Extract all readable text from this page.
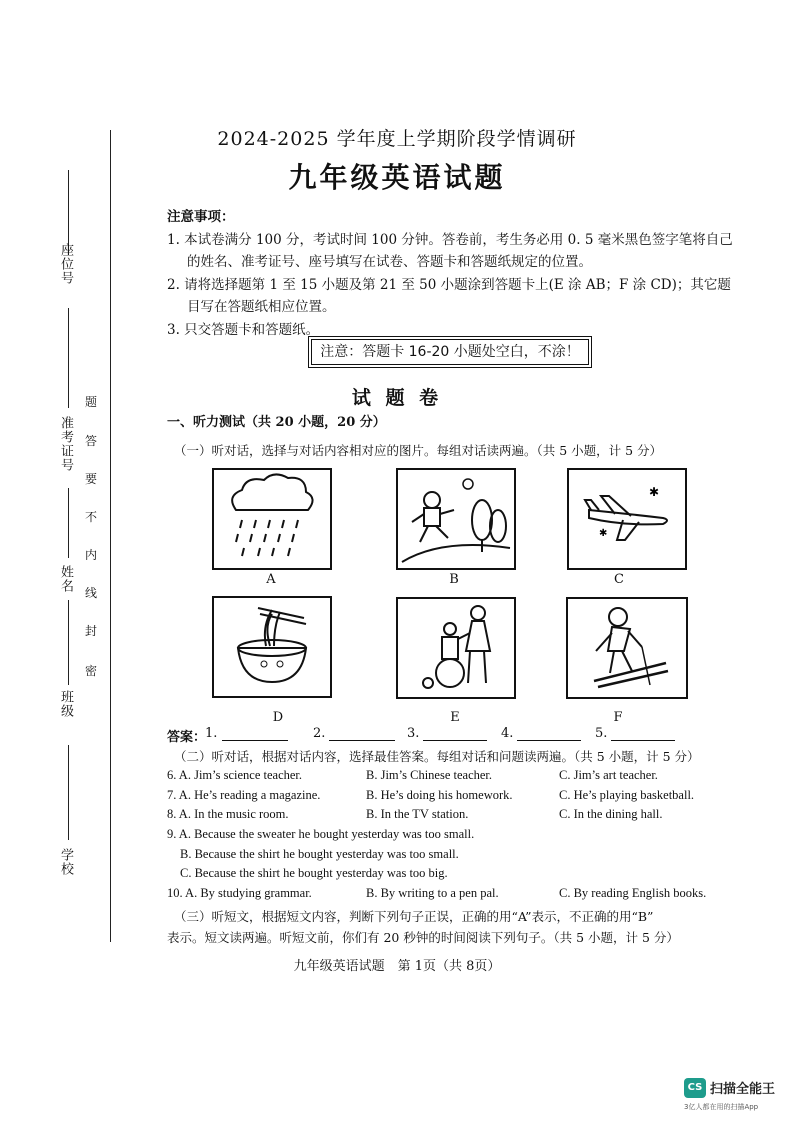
座位号
准考证号
姓名
班级
学校
密
封
线
内
不
要
答
题
2024-2025 学年度上学期阶段学情调研
九年级英语试题
注意事项：
1. 本试卷满分 100 分，考试时间 100 分钟。答卷前，考生务必用 0. 5 毫米黑色签字笔将自己的姓名、准考证号、座号填写在试卷、答题卡和答题纸规定的位置。
2. 请将选择题第 1 至 15 小题及第 21 至 50 小题涂到答题卡上(E 涂 AB；F 涂 CD)；其它题目写在答题纸相应位置。
3. 只交答题卡和答题纸。
注意：答题卡 16-20 小题处空白，不涂！
试 题 卷
一、听力测试（共 20 小题，20 分）
（一）听对话，选择与对话内容相对应的图片。每组对话读两遍。（共 5 小题，计 5 分）
A	B
✱
✱
C
D	E	F
答案：
1.	2.	3.	4.	5.
（二）听对话，根据对话内容，选择最佳答案。每组对话和问题读两遍。（共 5 小题，计 5 分）
6. A. Jim’s science teacher.	B. Jim’s Chinese teacher.	C. Jim’s art teacher.
7. A. He’s reading a magazine.	B. He’s doing his homework.	C. He’s playing basketball.
8. A. In the music room.	B. In the TV station.	C. In the dining hall.
9. A. Because the sweater he bought yesterday was too small.
B. Because the shirt he bought yesterday was too small.
C. Because the shirt he bought yesterday was too big.
10. A. By studying grammar.	B. By writing to a pen pal.	C. By reading English books.
（三）听短文，根据短文内容，判断下列句子正误，正确的用“A”表示，不正确的用“B”
表示。短文读两遍。听短文前，你们有 20 秒钟的时间阅读下列句子。（共 5 小题，计 5 分）
九年级英语试题　第 1页（共 8页）
CS 扫描全能王
3亿人都在用的扫描App
